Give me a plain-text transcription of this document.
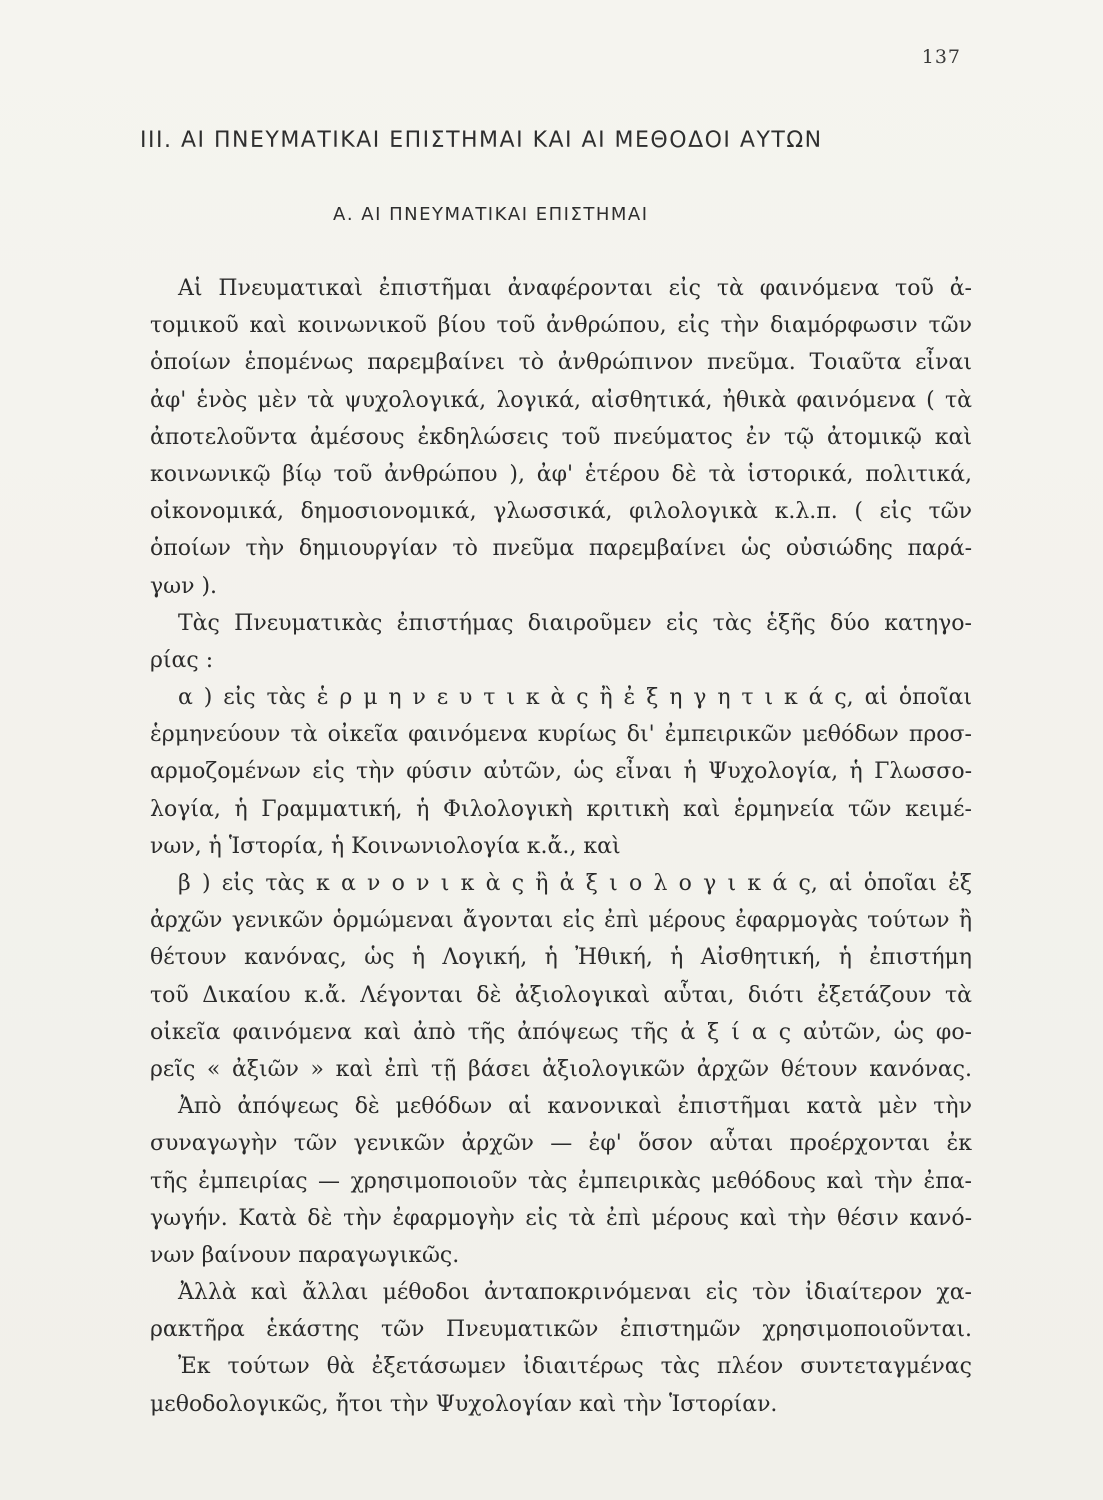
137
III. ΑΙ ΠΝΕΥΜΑΤΙΚΑΙ ΕΠΙΣΤΗΜΑΙ ΚΑΙ ΑΙ ΜΕΘΟΔΟΙ ΑΥΤΩΝ
Α. ΑΙ ΠΝΕΥΜΑΤΙΚΑΙ ΕΠΙΣΤΗΜΑΙ
Αἱ Πνευματικαὶ ἐπιστῆμαι ἀναφέρονται εἰς τὰ φαινόμενα τοῦ ἀ-
τομικοῦ καὶ κοινωνικοῦ βίου τοῦ ἀνθρώπου, εἰς τὴν διαμόρφωσιν τῶν
ὁποίων ἑπομένως παρεμβαίνει τὸ ἀνθρώπινον πνεῦμα. Τοιαῦτα εἶναι
ἀφ' ἑνὸς μὲν τὰ ψυχολογικά, λογικά, αἰσθητικά, ἠθικὰ φαινόμενα ( τὰ
ἀποτελοῦντα ἀμέσους ἐκδηλώσεις τοῦ πνεύματος ἐν τῷ ἀτομικῷ καὶ
κοινωνικῷ βίῳ τοῦ ἀνθρώπου ), ἀφ' ἑτέρου δὲ τὰ ἱστορικά, πολιτικά,
οἰκονομικά, δημοσιονομικά, γλωσσικά, φιλολογικὰ κ.λ.π. ( εἰς τῶν
ὁποίων τὴν δημιουργίαν τὸ πνεῦμα παρεμβαίνει ὡς οὐσιώδης παρά-
γων ).
Τὰς Πνευματικὰς ἐπιστήμας διαιροῦμεν εἰς τὰς ἑξῆς δύο κατηγο-
ρίας :
α ) εἰς τὰς ἑ ρ μ η ν ε υ τ ι κ ὰ ς ἢ ἐ ξ η γ η τ ι κ ά ς, αἱ ὁποῖαι
ἑρμηνεύουν τὰ οἰκεῖα φαινόμενα κυρίως δι' ἐμπειρικῶν μεθόδων προσ-
αρμοζομένων εἰς τὴν φύσιν αὐτῶν, ὡς εἶναι ἡ Ψυχολογία, ἡ Γλωσσο-
λογία, ἡ Γραμματική, ἡ Φιλολογικὴ κριτικὴ καὶ ἑρμηνεία τῶν κειμέ-
νων, ἡ Ἱστορία, ἡ Κοινωνιολογία κ.ἄ., καὶ
β ) εἰς τὰς κ α ν ο ν ι κ ὰ ς ἢ ἀ ξ ι ο λ ο γ ι κ ά ς, αἱ ὁποῖαι ἐξ
ἀρχῶν γενικῶν ὁρμώμεναι ἄγονται εἰς ἐπὶ μέρους ἐφαρμογὰς τούτων ἢ
θέτουν κανόνας, ὡς ἡ Λογική, ἡ Ἠθική, ἡ Αἰσθητική, ἡ ἐπιστήμη
τοῦ Δικαίου κ.ἄ. Λέγονται δὲ ἀξιολογικαὶ αὗται, διότι ἐξετάζουν τὰ
οἰκεῖα φαινόμενα καὶ ἀπὸ τῆς ἀπόψεως τῆς ἀ ξ ί α ς αὐτῶν, ὡς φο-
ρεῖς « ἀξιῶν » καὶ ἐπὶ τῇ βάσει ἀξιολογικῶν ἀρχῶν θέτουν κανόνας.
Ἀπὸ ἀπόψεως δὲ μεθόδων αἱ κανονικαὶ ἐπιστῆμαι κατὰ μὲν τὴν
συναγωγὴν τῶν γενικῶν ἀρχῶν — ἐφ' ὅσον αὗται προέρχονται ἐκ
τῆς ἐμπειρίας — χρησιμοποιοῦν τὰς ἐμπειρικὰς μεθόδους καὶ τὴν ἐπα-
γωγήν. Κατὰ δὲ τὴν ἐφαρμογὴν εἰς τὰ ἐπὶ μέρους καὶ τὴν θέσιν κανό-
νων βαίνουν παραγωγικῶς.
Ἀλλὰ καὶ ἄλλαι μέθοδοι ἀνταποκρινόμεναι εἰς τὸν ἰδιαίτερον χα-
ρακτῆρα ἑκάστης τῶν Πνευματικῶν ἐπιστημῶν χρησιμοποιοῦνται.
Ἐκ τούτων θὰ ἐξετάσωμεν ἰδιαιτέρως τὰς πλέον συντεταγμένας
μεθοδολογικῶς, ἤτοι τὴν Ψυχολογίαν καὶ τὴν Ἱστορίαν.
